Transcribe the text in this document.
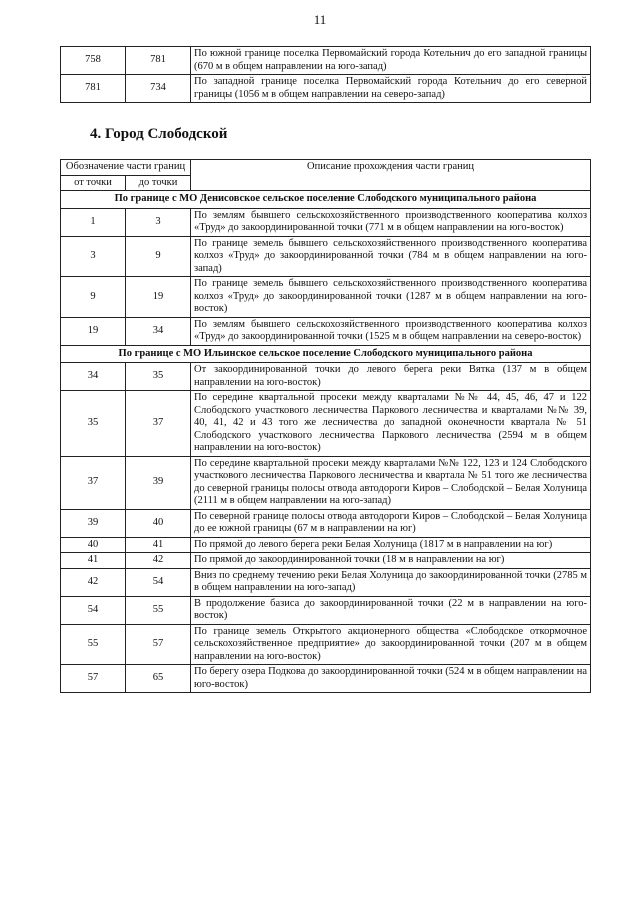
11
758	781	По южной границе поселка Первомайский города Котельнич до его западной границы (670 м в общем направлении на юго-запад)
781	734	По западной границе поселка Первомайский города Котельнич до его северной границы (1056 м в общем направлении на северо-запад)
4. Город Слободской
Обозначение части границ		Описание прохождения части границ
от точки	до точки	
По границе с МО Денисовское сельское поселение Слободского муниципального района		
1	3	По землям бывшего сельскохозяйственного производственного кооператива колхоз «Труд» до закоординированной точки (771 м в общем направлении на юго-восток)
3	9	По границе земель бывшего сельскохозяйственного производственного кооператива колхоз «Труд» до закоординированной точки (784 м в общем направлении на юго-запад)
9	19	По границе земель бывшего сельскохозяйственного производственного кооператива колхоз «Труд» до закоординированной точки (1287 м в общем направлении на юго-восток)
19	34	По землям бывшего сельскохозяйственного производственного кооператива колхоз «Труд» до закоординированной точки (1525 м в общем направлении на северо-восток)
По границе с МО Ильинское сельское поселение Слободского муниципального района		
34	35	От закоординированной точки до левого берега реки Вятка (137 м в общем направлении на юго-восток)
35	37	По середине квартальной просеки между кварталами №№ 44, 45, 46, 47 и 122 Слободского участкового лесничества Паркового лесничества и кварталами №№ 39, 40, 41, 42 и 43 того же лесничества до западной оконечности квартала № 51 Слободского участкового лесничества Паркового лесничества (2594 м в общем направлении на юго-восток)
37	39	По середине квартальной просеки между кварталами №№ 122, 123 и 124 Слободского участкового лесничества Паркового лесничества и квартала № 51 того же лесничества до северной границы полосы отвода автодороги Киров – Слободской – Белая Холуница (2111 м в общем направлении на юго-запад)
39	40	По северной границе полосы отвода автодороги Киров – Слободской – Белая Холуница до ее южной границы (67 м в направлении на юг)
40	41	По прямой до левого берега реки Белая Холуница (1817 м в направлении на юг)
41	42	По прямой до закоординированной точки (18 м в направлении на юг)
42	54	Вниз по среднему течению реки Белая Холуница до закоординированной точки (2785 м в общем направлении на юго-запад)
54	55	В продолжение базиса до закоординированной точки (22 м в направлении на юго-восток)
55	57	По границе земель Открытого акционерного общества «Слободское откормочное сельскохозяйственное предприятие» до закоординированной точки (207 м в общем направлении на юго-восток)
57	65	По берегу озера Подкова до закоординированной точки (524 м в общем направлении на юго-восток)
